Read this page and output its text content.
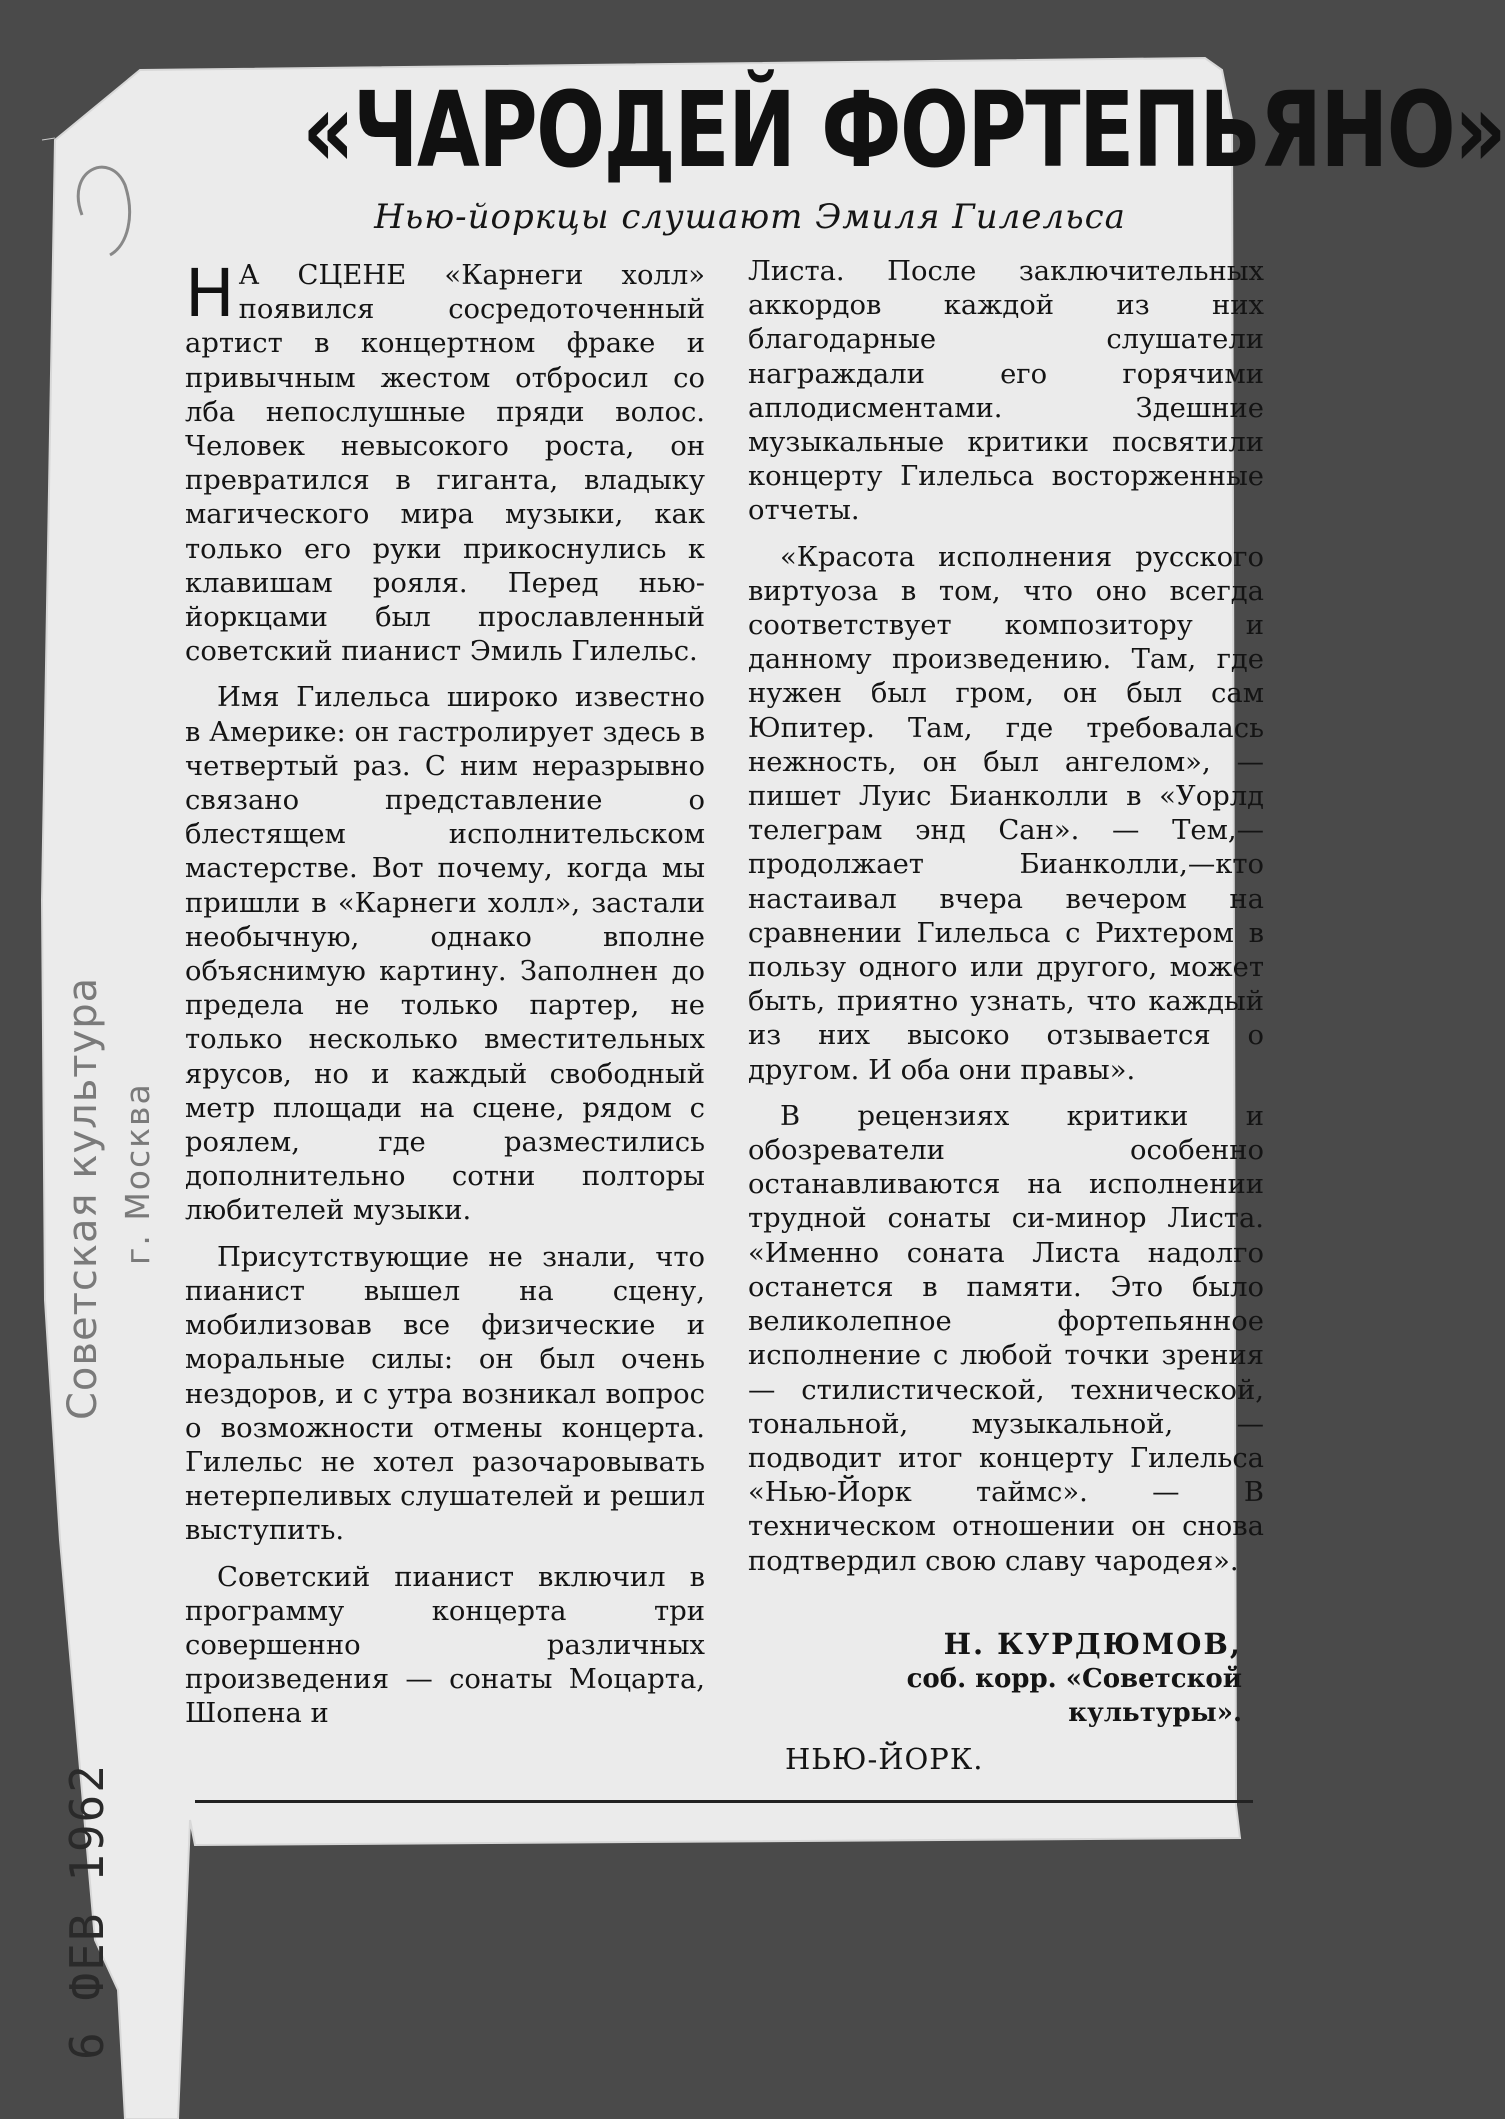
«ЧАРОДЕЙ ФОРТЕПЬЯНО»
Нью-йоркцы слушают Эмиля Гилельса

Н А СЦЕНЕ «Карнеги холл» появился сосредоточенный артист в концертном фраке и привычным жестом отбросил со лба непослушные пряди волос. Человек невысокого роста, он превратился в гиганта, владыку магического мира музыки, как только его руки прикоснулись к клавишам рояля. Перед нью-йоркцами был прославленный советский пианист Эмиль Гилельс.

Имя Гилельса широко известно в Америке: он гастролирует здесь в четвертый раз. С ним неразрывно связано представление о блестящем исполнительском мастерстве. Вот почему, когда мы пришли в «Карнеги холл», застали необычную, однако вполне объяснимую картину. Заполнен до предела не только партер, не только несколько вместительных ярусов, но и каждый свободный метр площади на сцене, рядом с роялем, где разместились дополнительно сотни полторы любителей музыки.

Присутствующие не знали, что пианист вышел на сцену, мобилизовав все физические и моральные силы: он был очень нездоров, и с утра возникал вопрос о возможности отмены концерта. Гилельс не хотел разочаровывать нетерпеливых слушателей и решил выступить.

Советский пианист включил в программу концерта три совершенно различных произведения — сонаты Моцарта, Шопена и

Листа. После заключительных аккордов каждой из них благодарные слушатели награждали его горячими аплодисментами. Здешние музыкальные критики посвятили концерту Гилельса восторженные отчеты.

«Красота исполнения русского виртуоза в том, что оно всегда соответствует композитору и данному произведению. Там, где нужен был гром, он был сам Юпитер. Там, где требовалась нежность, он был ангелом», — пишет Луис Бианколли в «Уорлд телеграм энд Сан». — Тем,—продолжает Бианколли,—кто настаивал вчера вечером на сравнении Гилельса с Рихтером в пользу одного или другого, может быть, приятно узнать, что каждый из них высоко отзывается о другом. И оба они правы».

В рецензиях критики и обозреватели особенно останавливаются на исполнении трудной сонаты си-минор Листа. «Именно соната Листа надолго останется в памяти. Это было великолепное фортепьянное исполнение с любой точки зрения — стилистической, технической, тональной, музыкальной, — подводит итог концерту Гилельса «Нью-Йорк таймс». — В техническом отношении он снова подтвердил свою славу чародея».

Н. КУРДЮМОВ,
соб. корр. «Советской
культуры».
НЬЮ-ЙОРК.
Советская культура г. Москва
6 ФЕВ 1962
